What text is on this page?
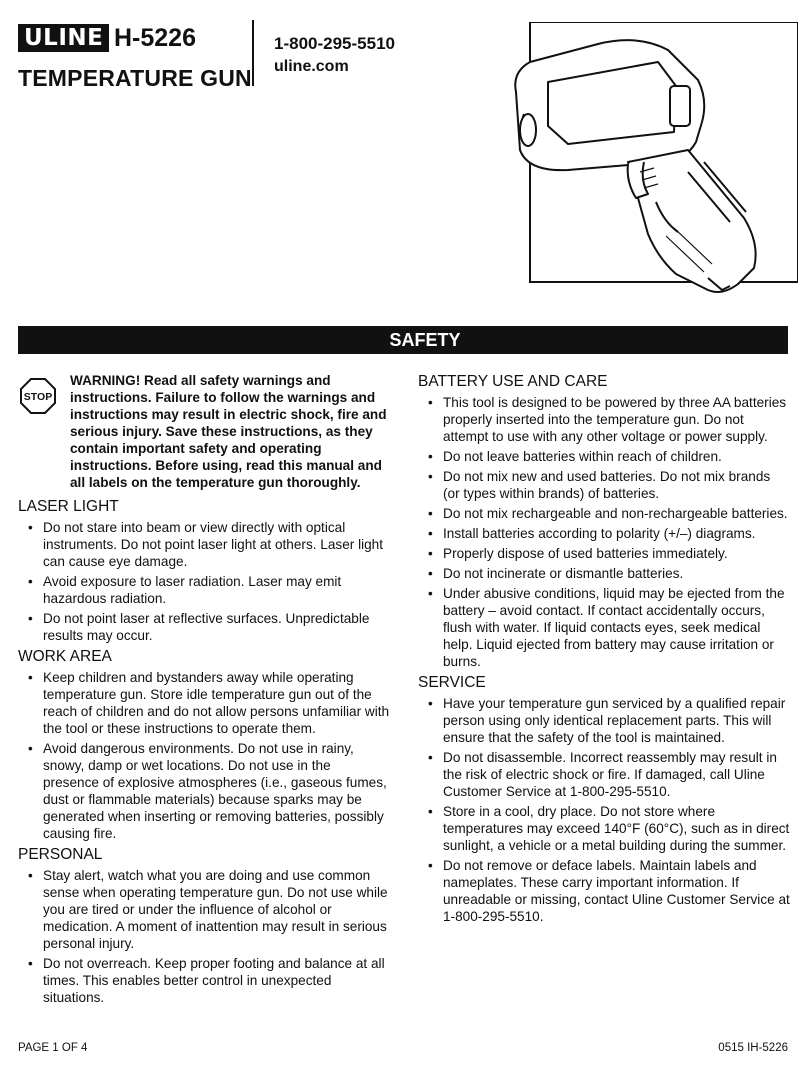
ULINE H-5226
TEMPERATURE GUN
1-800-295-5510
uline.com
SAFETY
STOP
WARNING! Read all safety warnings and instructions. Failure to follow the warnings and instructions may result in electric shock, fire and serious injury. Save these instructions, as they contain important safety and operating instructions. Before using, read this manual and all labels on the temperature gun thoroughly.
LASER LIGHT
• Do not stare into beam or view directly with optical instruments. Do not point laser light at others. Laser light can cause eye damage.
• Avoid exposure to laser radiation. Laser may emit hazardous radiation.
• Do not point laser at reflective surfaces. Unpredictable results may occur.
WORK AREA
• Keep children and bystanders away while operating temperature gun. Store idle temperature gun out of the reach of children and do not allow persons unfamiliar with the tool or these instructions to operate them.
• Avoid dangerous environments. Do not use in rainy, snowy, damp or wet locations. Do not use in the presence of explosive atmospheres (i.e., gaseous fumes, dust or flammable materials) because sparks may be generated when inserting or removing batteries, possibly causing fire.
PERSONAL
• Stay alert, watch what you are doing and use common sense when operating temperature gun. Do not use while you are tired or under the influence of alcohol or medication. A moment of inattention may result in serious personal injury.
• Do not overreach. Keep proper footing and balance at all times. This enables better control in unexpected situations.
BATTERY USE AND CARE
• This tool is designed to be powered by three AA batteries properly inserted into the temperature gun. Do not attempt to use with any other voltage or power supply.
• Do not leave batteries within reach of children.
• Do not mix new and used batteries. Do not mix brands (or types within brands) of batteries.
• Do not mix rechargeable and non-rechargeable batteries.
• Install batteries according to polarity (+/–) diagrams.
• Properly dispose of used batteries immediately.
• Do not incinerate or dismantle batteries.
• Under abusive conditions, liquid may be ejected from the battery – avoid contact. If contact accidentally occurs, flush with water. If liquid contacts eyes, seek medical help. Liquid ejected from battery may cause irritation or burns.
SERVICE
• Have your temperature gun serviced by a qualified repair person using only identical replacement parts. This will ensure that the safety of the tool is maintained.
• Do not disassemble. Incorrect reassembly may result in the risk of electric shock or fire. If damaged, call Uline Customer Service at 1-800-295-5510.
• Store in a cool, dry place. Do not store where temperatures may exceed 140°F (60°C), such as in direct sunlight, a vehicle or a metal building during the summer.
• Do not remove or deface labels. Maintain labels and nameplates. These carry important information. If unreadable or missing, contact Uline Customer Service at 1-800-295-5510.
PAGE 1 OF 4	0515 IH-5226
